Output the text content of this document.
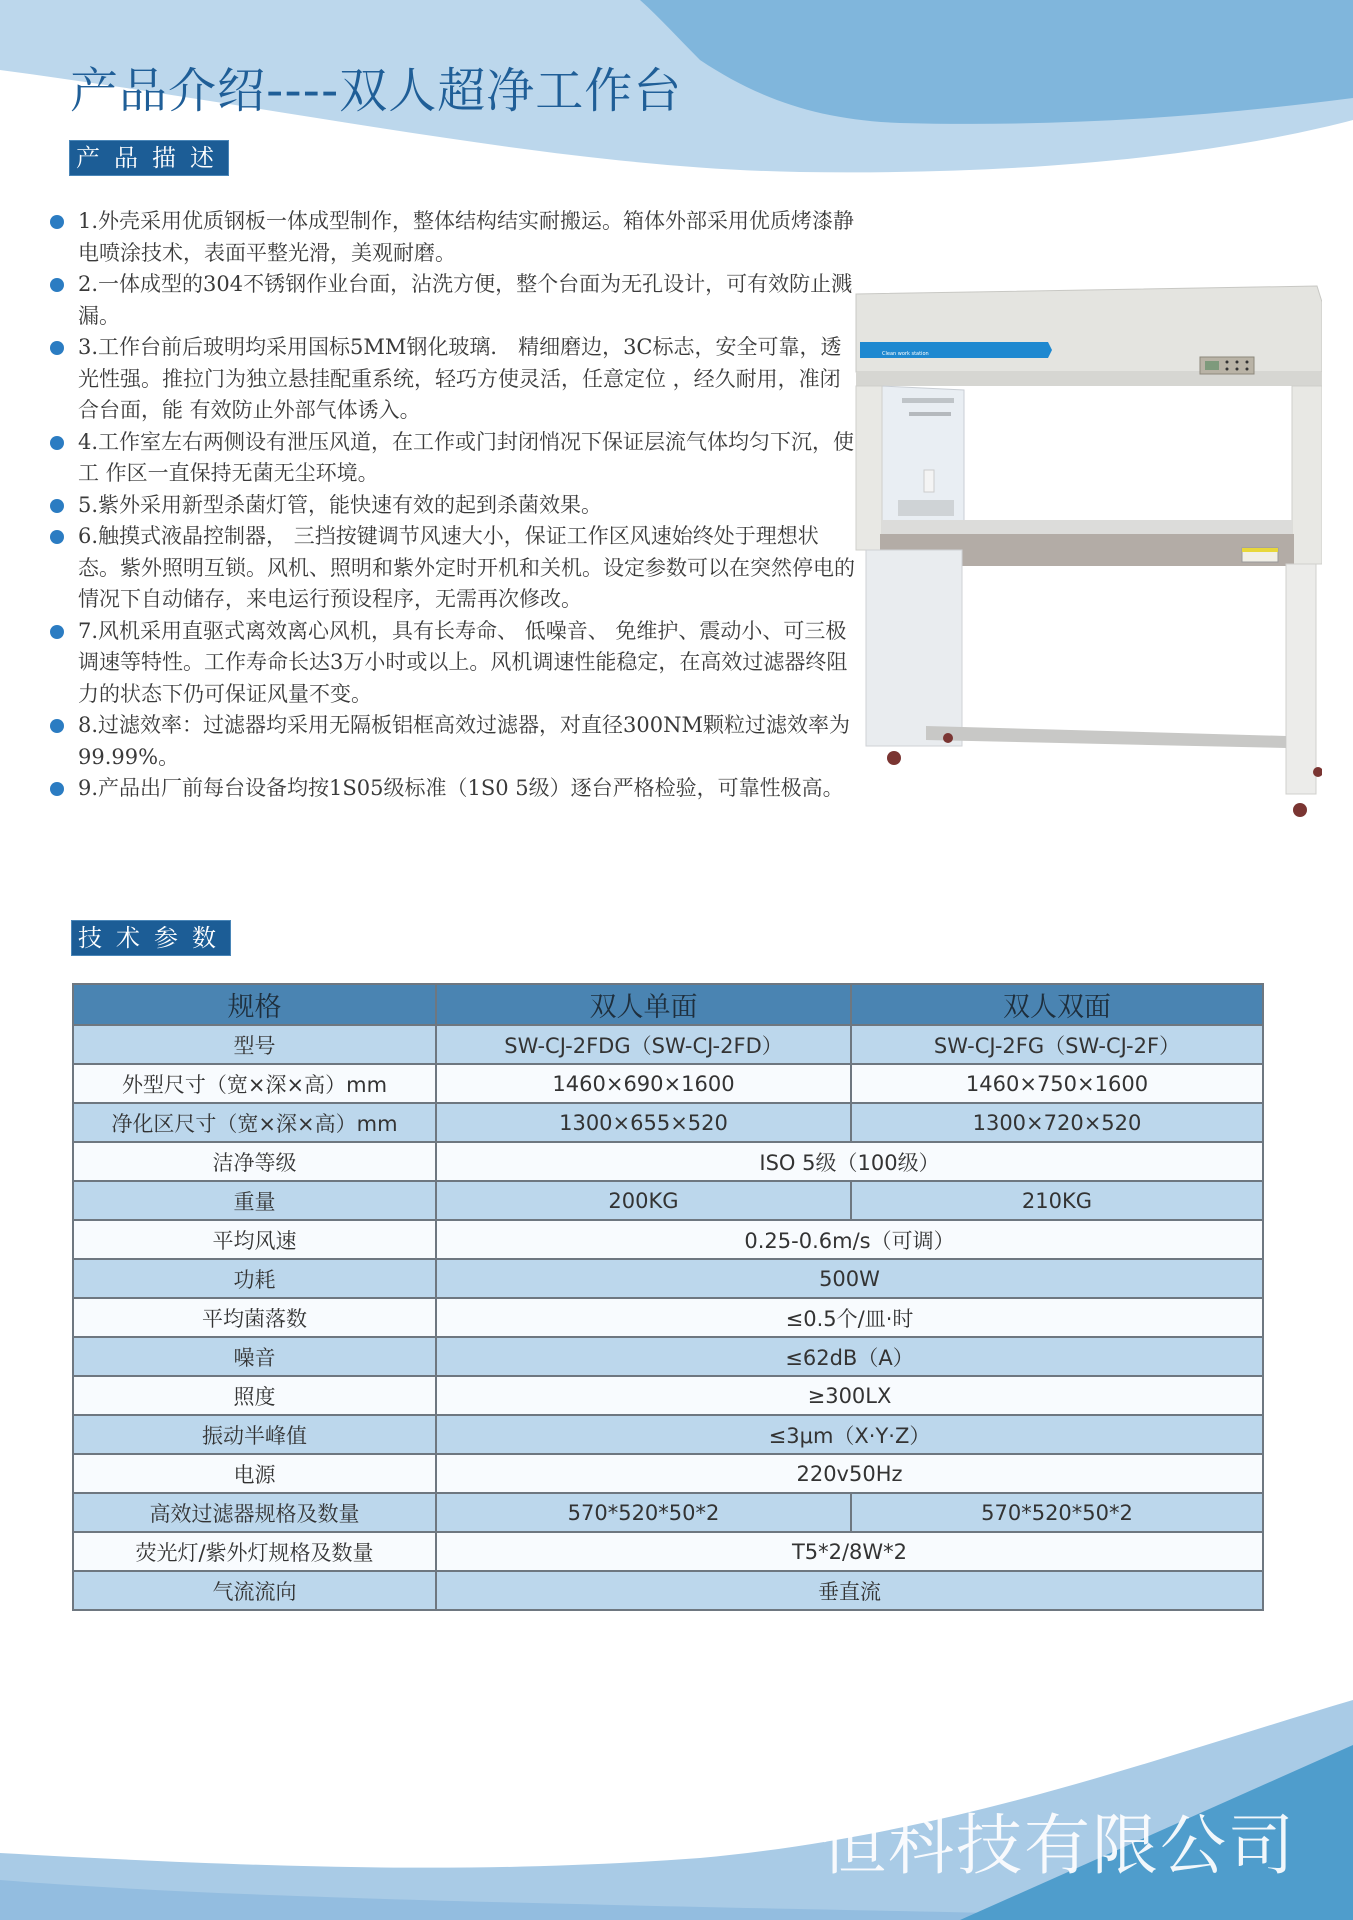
产品介绍----双人超净工作台
产品描述
1.外壳采用优质钢板一体成型制作，整体结构结实耐搬运。箱体外部采用优质烤漆静电喷涂技术，表面平整光滑，美观耐磨。
2.一体成型的304不锈钢作业台面，沾洗方便，整个台面为无孔设计，可有效防止溅漏。
3.工作台前后玻明均采用国标5MM钢化玻璃． 精细磨边，3C标志，安全可靠，透光性强。推拉门为独立悬挂配重系统，轻巧方使灵活，任意定位 ，经久耐用，准闭合台面，能 有效防止外部气体诱入。
4.工作室左右两侧设有泄压风道，在工作或门封闭悄况下保证层流气体均匀下沉，使工 作区一直保持无菌无尘环境。
5.紫外采用新型杀菌灯管，能快速有效的起到杀菌效果。
6.触摸式液晶控制器， 三挡按键调节风速大小，保证工作区风速始终处于理想状态。紫外照明互锁。风机、照明和紫外定时开机和关机。设定参数可以在突然停电的情况下自动储存，来电运行预设程序，无需再次修改。
7.风机采用直驱式离效离心风机，具有长寿命、 低噪音、 免维护、震动小、可三极调速等特性。工作寿命长达3万小时或以上。风机调速性能稳定，在高效过滤器终阻力的状态下仍可保证风量不变。
8.过滤效率：过滤器均采用无隔板铝框高效过滤器，对直径300NM颗粒过滤效率为99.99%。
9.产品出厂前每台设备均按1S05级标准（1S0 5级）逐台严格检验，可靠性极高。
Clean work station
技术参数
规格	双人单面	双人双面
型号	SW-CJ-2FDG（SW-CJ-2FD）	SW-CJ-2FG（SW-CJ-2F）
外型尺寸（宽×深×高）mm	1460×690×1600	1460×750×1600
净化区尺寸（宽×深×高）mm	1300×655×520	1300×720×520
洁净等级	ISO 5级（100级）	
重量	200KG	210KG
平均风速	0.25-0.6m/s（可调）	
功耗	500W	
平均菌落数	≤0.5个/皿·时	
噪音	≤62dB（A）	
照度	≥300LX	
振动半峰值	≤3μm（X·Y·Z）	
电源	220v50Hz	
高效过滤器规格及数量	570*520*50*2	570*520*50*2
荧光灯/紫外灯规格及数量	T5*2/8W*2	
气流流向	垂直流	
恒科技有限公司
